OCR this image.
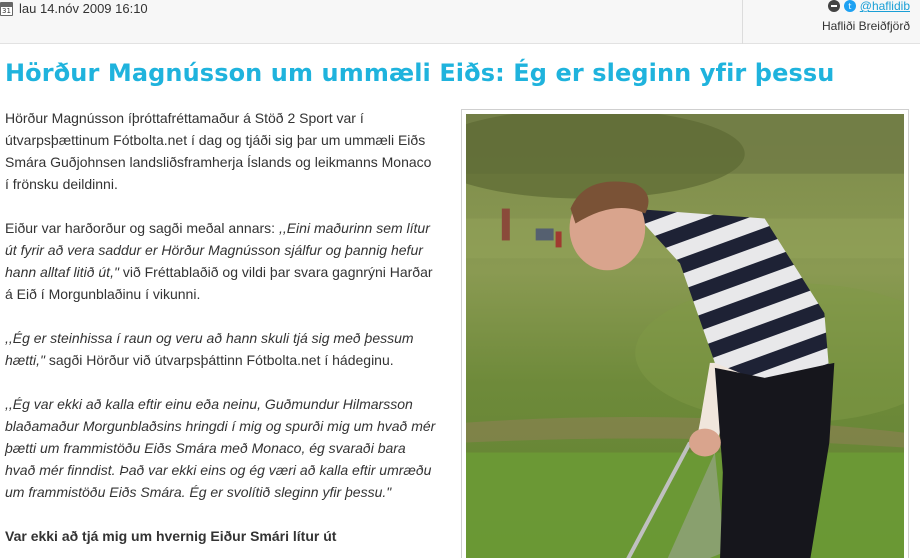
31 lau 14.nóv 2009 16:10	t @haflidib
Hafliði Breiðfjörð
Hörður Magnússon um ummæli Eiðs: Ég er sleginn yfir þessu

Hörður Magnússon íþróttafréttamaður á Stöð 2 Sport var í útvarpsþættinum Fótbolta.net í dag og tjáði sig þar um ummæli Eiðs Smára Guðjohnsen landsliðsframherja Íslands og leikmanns Monaco í frönsku deildinni.

Eiður var harðorður og sagði meðal annars: ,,Eini maðurinn sem lítur út fyrir að vera saddur er Hörður Magnússon sjálfur og þannig hefur hann alltaf litið út," við Fréttablaðið og vildi þar svara gagnrýni Harðar á Eið í Morgunblaðinu í vikunni.

,,Ég er steinhissa í raun og veru að hann skuli tjá sig með þessum hætti," sagði Hörður við útvarpsþáttinn Fótbolta.net í hádeginu.

,,Ég var ekki að kalla eftir einu eða neinu, Guðmundur Hilmarsson blaðamaður Morgunblaðsins hringdi í mig og spurði mig um hvað mér þætti um frammistöðu Eiðs Smára með Monaco, ég svaraði bara hvað mér finndist. Það var ekki eins og ég væri að kalla eftir umræðu um frammistöðu Eiðs Smára. Ég er svolítið sleginn yfir þessu."

Var ekki að tjá mig um hvernig Eiður Smári lítur út
